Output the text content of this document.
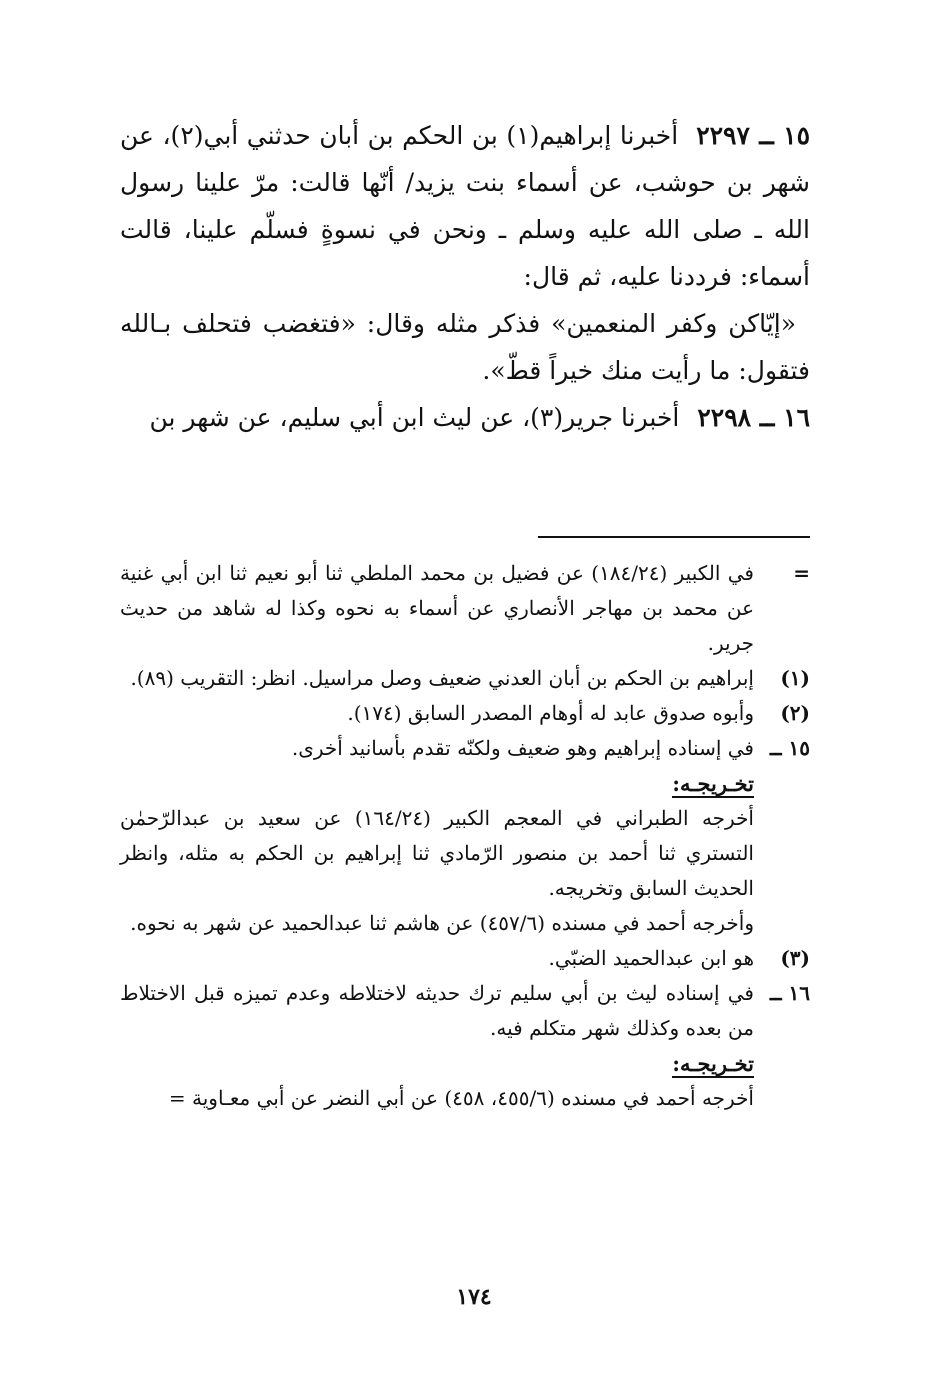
١٥ ــ ٢٢٩٧أخبرنا إبراهيم(١) بن الحكم بن أبان حدثني أبي(٢)، عن شهر بن حوشب، عن أسماء بنت يزيد/ أنّها قالت: مرّ علينا رسول الله ـ صلى الله عليه وسلم ـ ونحن في نسوةٍ فسلّم علينا، قالت أسماء: فرددنا عليه، ثم قال:

«إيّاكن وكفر المنعمين» فذكر مثله وقال: «فتغضب فتحلف بـالله فتقول: ما رأيت منك خيراً قطّ».

١٦ ــ ٢٢٩٨أخبرنا جرير(٣)، عن ليث ابن أبي سليم، عن شهر بن

=
في الكبير (١٨٤/٢٤) عن فضيل بن محمد الملطي ثنا أبو نعيم ثنا ابن أبي غنية عن محمد بن مهاجر الأنصاري عن أسماء به نحوه وكذا له شاهد من حديث جرير.
(١)
إبراهيم بن الحكم بن أبان العدني ضعيف وصل مراسيل. انظر: التقريب (٨٩).
(٢)
وأبوه صدوق عابد له أوهام المصدر السابق (١٧٤).
١٥ ــ
في إسناده إبراهيم وهو ضعيف ولكنّه تقدم بأسانيد أخرى.
تخـريجـه:
أخرجه الطبراني في المعجم الكبير (١٦٤/٢٤) عن سعيد بن عبدالرّحمٰن التستري ثنا أحمد بن منصور الرّمادي ثنا إبراهيم بن الحكم به مثله، وانظر الحديث السابق وتخريجه.
وأخرجه أحمد في مسنده (٤٥٧/٦) عن هاشم ثنا عبدالحميد عن شهر به نحوه.
(٣)
هو ابن عبدالحميد الضبّي.
١٦ ــ
في إسناده ليث بن أبي سليم ترك حديثه لاختلاطه وعدم تميزه قبل الاختلاط من بعده وكذلك شهر متكلم فيه.
تخـريجـه:
أخرجه أحمد في مسنده (٤٥٥/٦، ٤٥٨) عن أبي النضر عن أبي معـاوية =
١٧٤
